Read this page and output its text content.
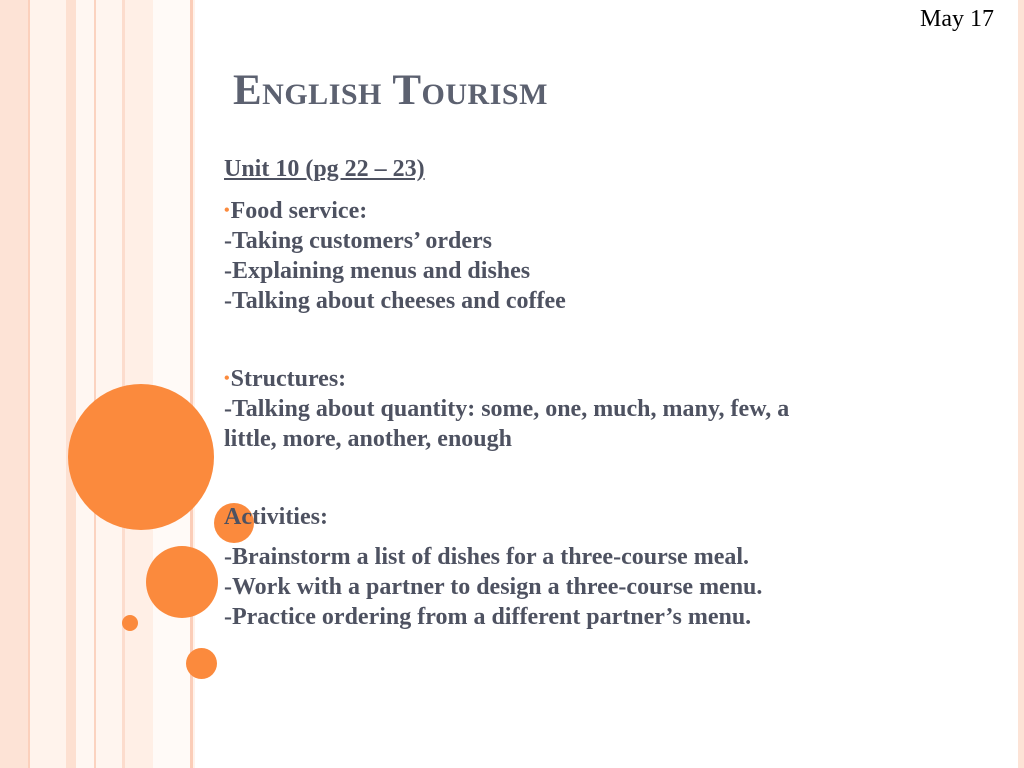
May 17
English Tourism
Unit 10 (pg 22 – 23)
•Food service:
-Taking customers’ orders
-Explaining menus and dishes
-Talking about cheeses and coffee
•Structures:
-Talking about quantity: some, one, much, many, few, a
little, more, another, enough
Activities:
-Brainstorm a list of dishes for a three-course meal.
-Work with a partner to design a three-course menu.
-Practice ordering from a different partner’s menu.
